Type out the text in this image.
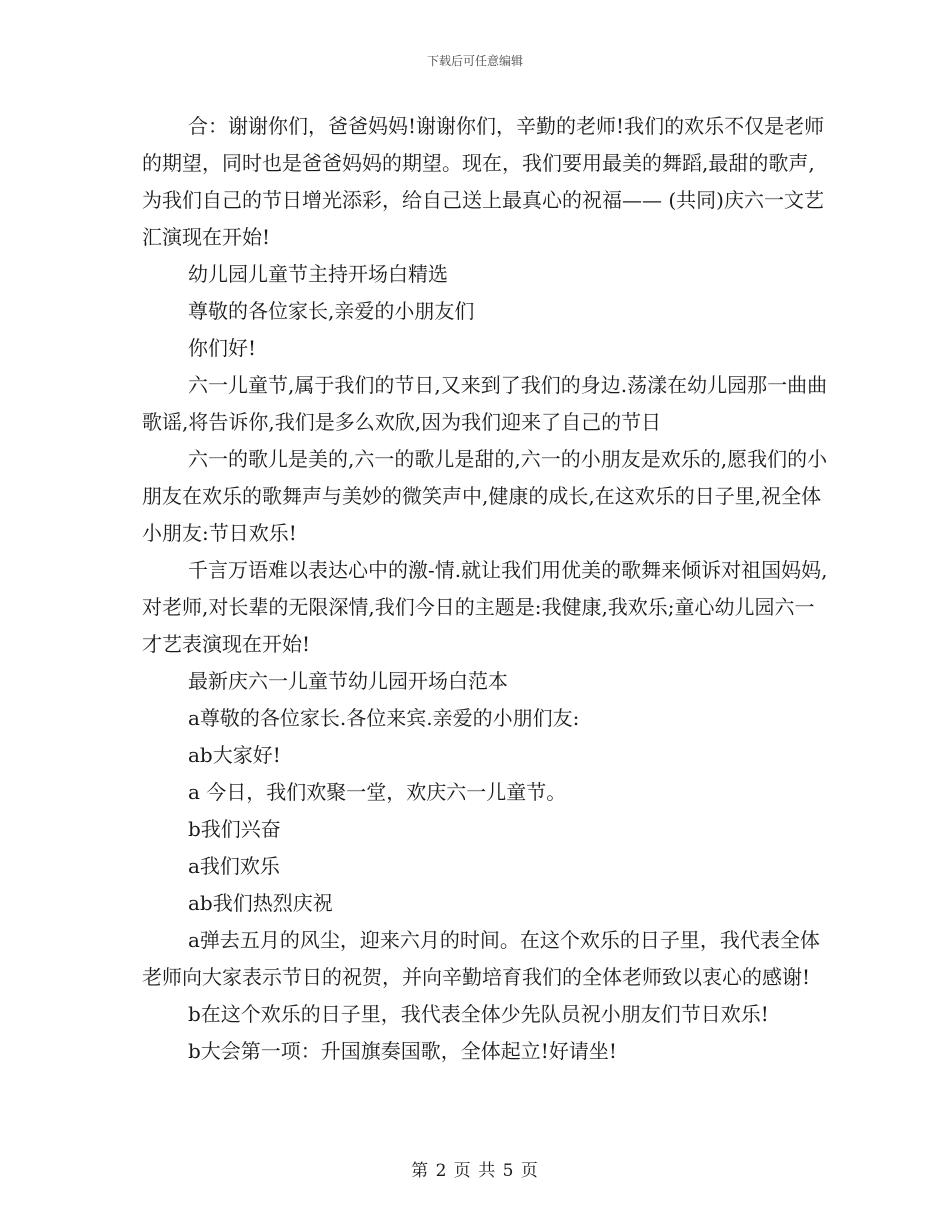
下载后可任意编辑

合：谢谢你们，爸爸妈妈!谢谢你们，辛勤的老师!我们的欢乐不仅是老师的期望，同时也是爸爸妈妈的期望。现在，我们要用最美的舞蹈,最甜的歌声,为我们自己的节日增光添彩，给自己送上最真心的祝福—— (共同)庆六一文艺汇演现在开始!

幼儿园儿童节主持开场白精选

尊敬的各位家长,亲爱的小朋友们

你们好!

六一儿童节,属于我们的节日,又来到了我们的身边.荡漾在幼儿园那一曲曲歌谣,将告诉你,我们是多么欢欣,因为我们迎来了自己的节日

六一的歌儿是美的,六一的歌儿是甜的,六一的小朋友是欢乐的,愿我们的小朋友在欢乐的歌舞声与美妙的微笑声中,健康的成长,在这欢乐的日子里,祝全体小朋友:节日欢乐!

千言万语难以表达心中的激-情.就让我们用优美的歌舞来倾诉对祖国妈妈,对老师,对长辈的无限深情,我们今日的主题是:我健康,我欢乐;童心幼儿园六一才艺表演现在开始!

最新庆六一儿童节幼儿园开场白范本

a尊敬的各位家长.各位来宾.亲爱的小朋们友:

ab大家好!

a 今日，我们欢聚一堂，欢庆六一儿童节。

b我们兴奋

a我们欢乐

ab我们热烈庆祝

a弹去五月的风尘，迎来六月的时间。在这个欢乐的日子里，我代表全体老师向大家表示节日的祝贺，并向辛勤培育我们的全体老师致以衷心的感谢!

b在这个欢乐的日子里，我代表全体少先队员祝小朋友们节日欢乐!

b大会第一项：升国旗奏国歌，全体起立!好请坐!

第 2 页 共 5 页
